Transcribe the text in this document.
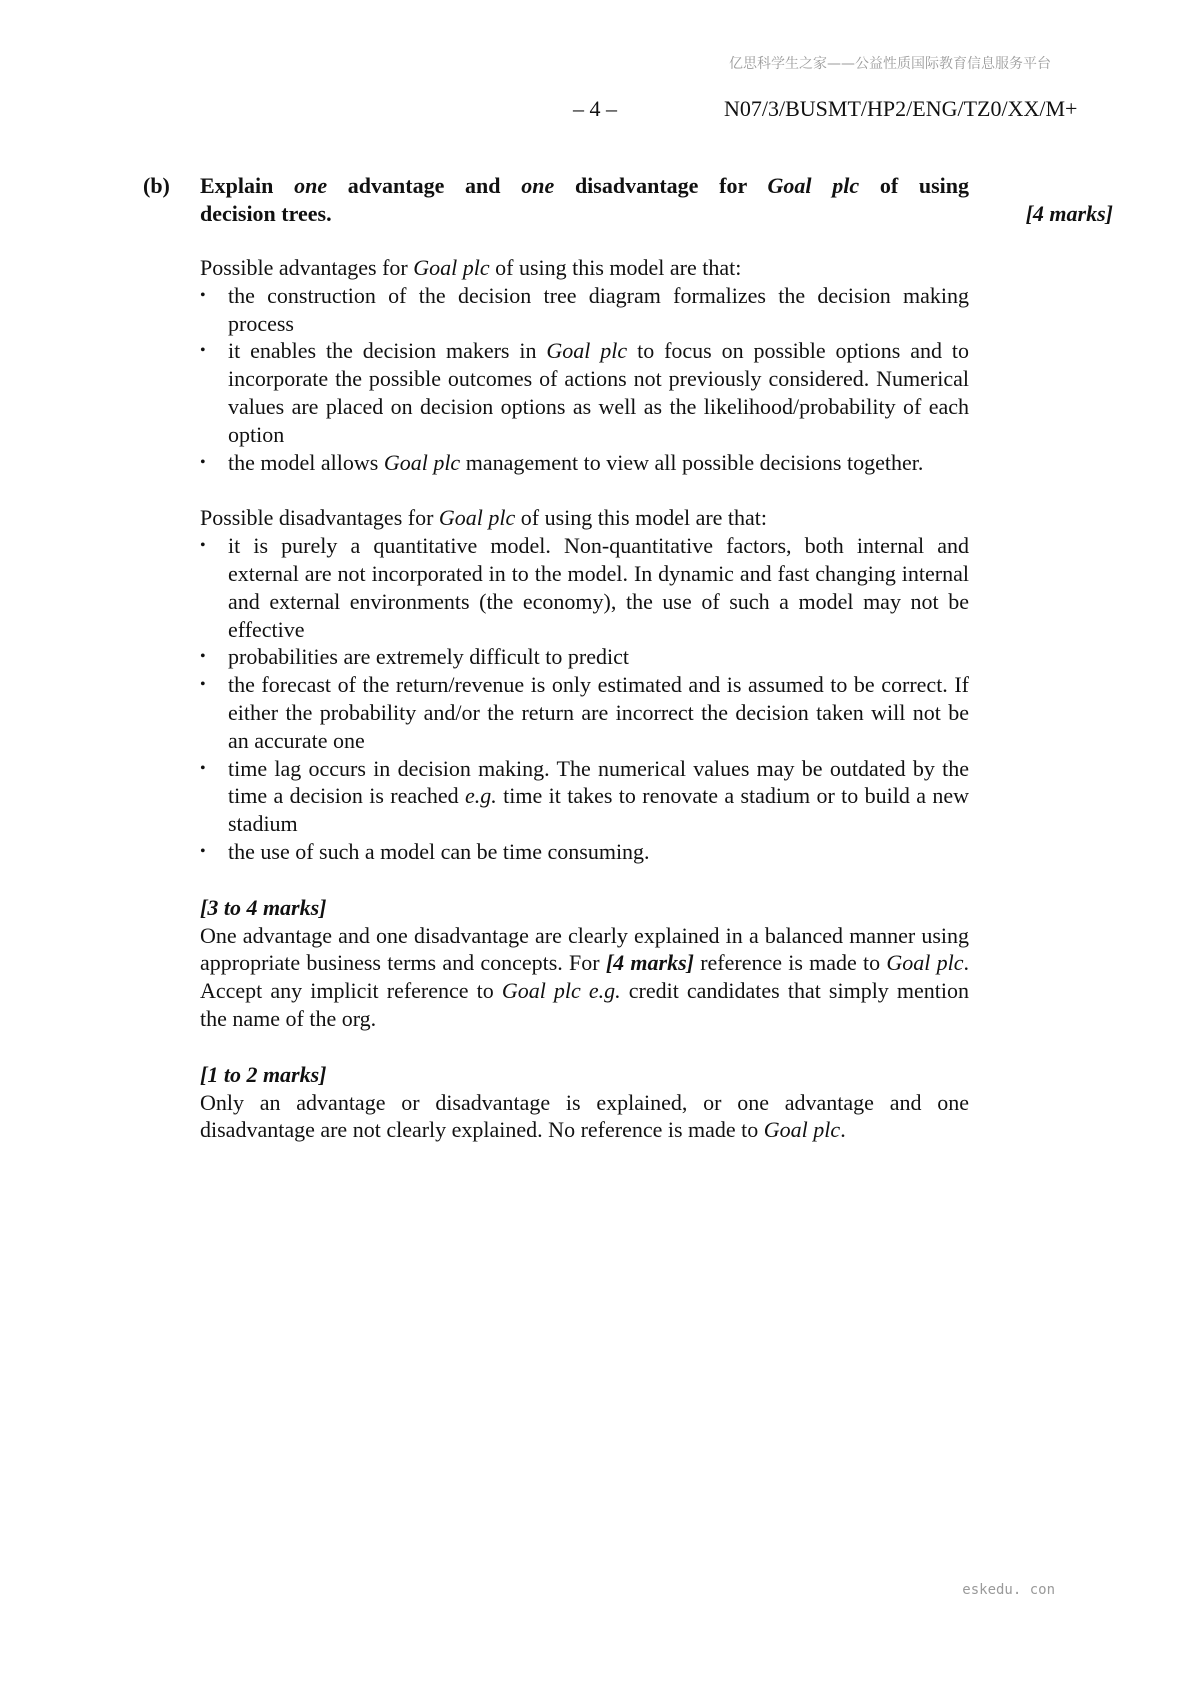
亿思科学生之家——公益性质国际教育信息服务平台
– 4 –	N07/3/BUSMT/HP2/ENG/TZ0/XX/M+
(b) Explain one advantage and one disadvantage for Goal plc of using
decision trees.	[4 marks]

Possible advantages for Goal plc of using this model are that:

• the construction of the decision tree diagram formalizes the decision making process
• it enables the decision makers in Goal plc to focus on possible options and to incorporate the possible outcomes of actions not previously considered. Numerical values are placed on decision options as well as the likelihood/probability of each option
• the model allows Goal plc management to view all possible decisions together.

Possible disadvantages for Goal plc of using this model are that:

• it is purely a quantitative model. Non-quantitative factors, both internal and external are not incorporated in to the model. In dynamic and fast changing internal and external environments (the economy), the use of such a model may not be effective
• probabilities are extremely difficult to predict
• the forecast of the return/revenue is only estimated and is assumed to be correct. If either the probability and/or the return are incorrect the decision taken will not be an accurate one
• time lag occurs in decision making. The numerical values may be outdated by the time a decision is reached e.g. time it takes to renovate a stadium or to build a new stadium
• the use of such a model can be time consuming.

[3 to 4 marks]

One advantage and one disadvantage are clearly explained in a balanced manner using appropriate business terms and concepts. For [4 marks] reference is made to Goal plc. Accept any implicit reference to Goal plc e.g. credit candidates that simply mention the name of the org.

[1 to 2 marks]

Only an advantage or disadvantage is explained, or one advantage and one disadvantage are not clearly explained. No reference is made to Goal plc.

eskedu. con
